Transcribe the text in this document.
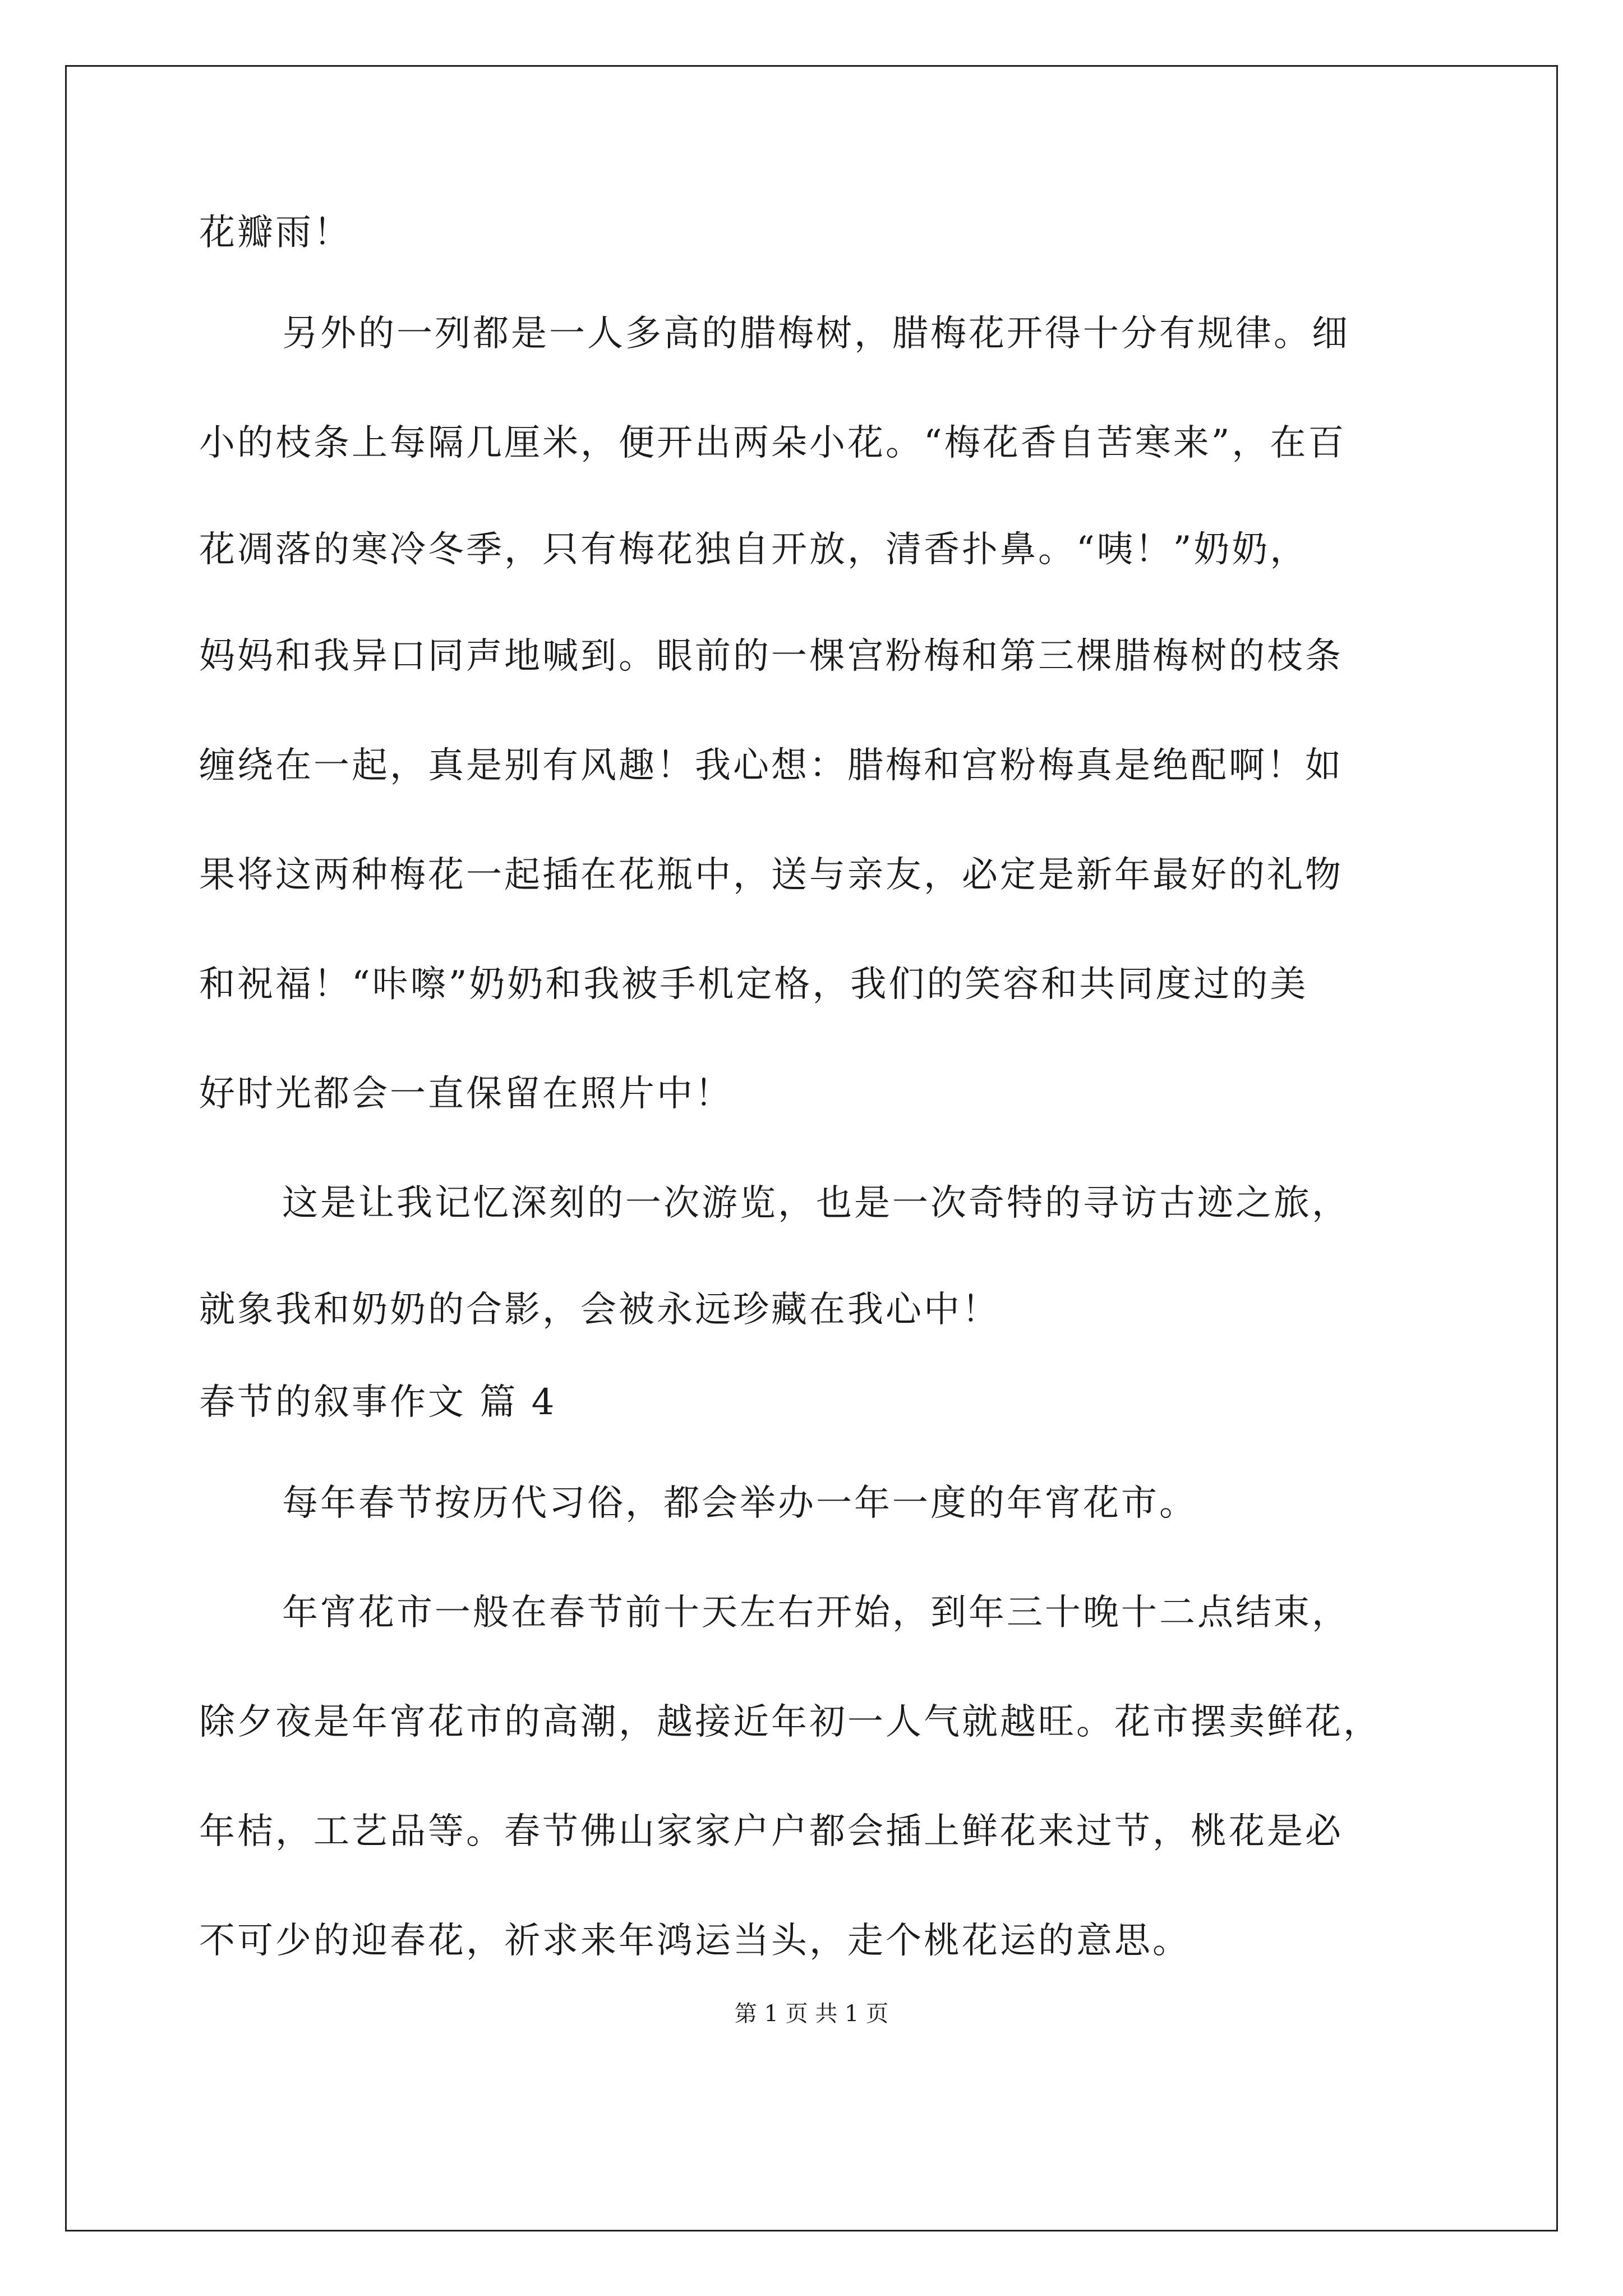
花瓣雨！
另外的一列都是一人多高的腊梅树，腊梅花开得十分有规律。细
小的枝条上每隔几厘米，便开出两朵小花。“梅花香自苦寒来”，在百
花凋落的寒冷冬季，只有梅花独自开放，清香扑鼻。“咦！”奶奶，
妈妈和我异口同声地喊到。眼前的一棵宫粉梅和第三棵腊梅树的枝条
缠绕在一起，真是别有风趣！我心想：腊梅和宫粉梅真是绝配啊！如
果将这两种梅花一起插在花瓶中，送与亲友，必定是新年最好的礼物
和祝福！“咔嚓”奶奶和我被手机定格，我们的笑容和共同度过的美
好时光都会一直保留在照片中！
这是让我记忆深刻的一次游览，也是一次奇特的寻访古迹之旅，
就象我和奶奶的合影，会被永远珍藏在我心中！
春节的叙事作文 篇 4
每年春节按历代习俗，都会举办一年一度的年宵花市。
年宵花市一般在春节前十天左右开始，到年三十晚十二点结束，
除夕夜是年宵花市的高潮，越接近年初一人气就越旺。花市摆卖鲜花，
年桔，工艺品等。春节佛山家家户户都会插上鲜花来过节，桃花是必
不可少的迎春花，祈求来年鸿运当头，走个桃花运的意思。
第 1 页 共 1 页
